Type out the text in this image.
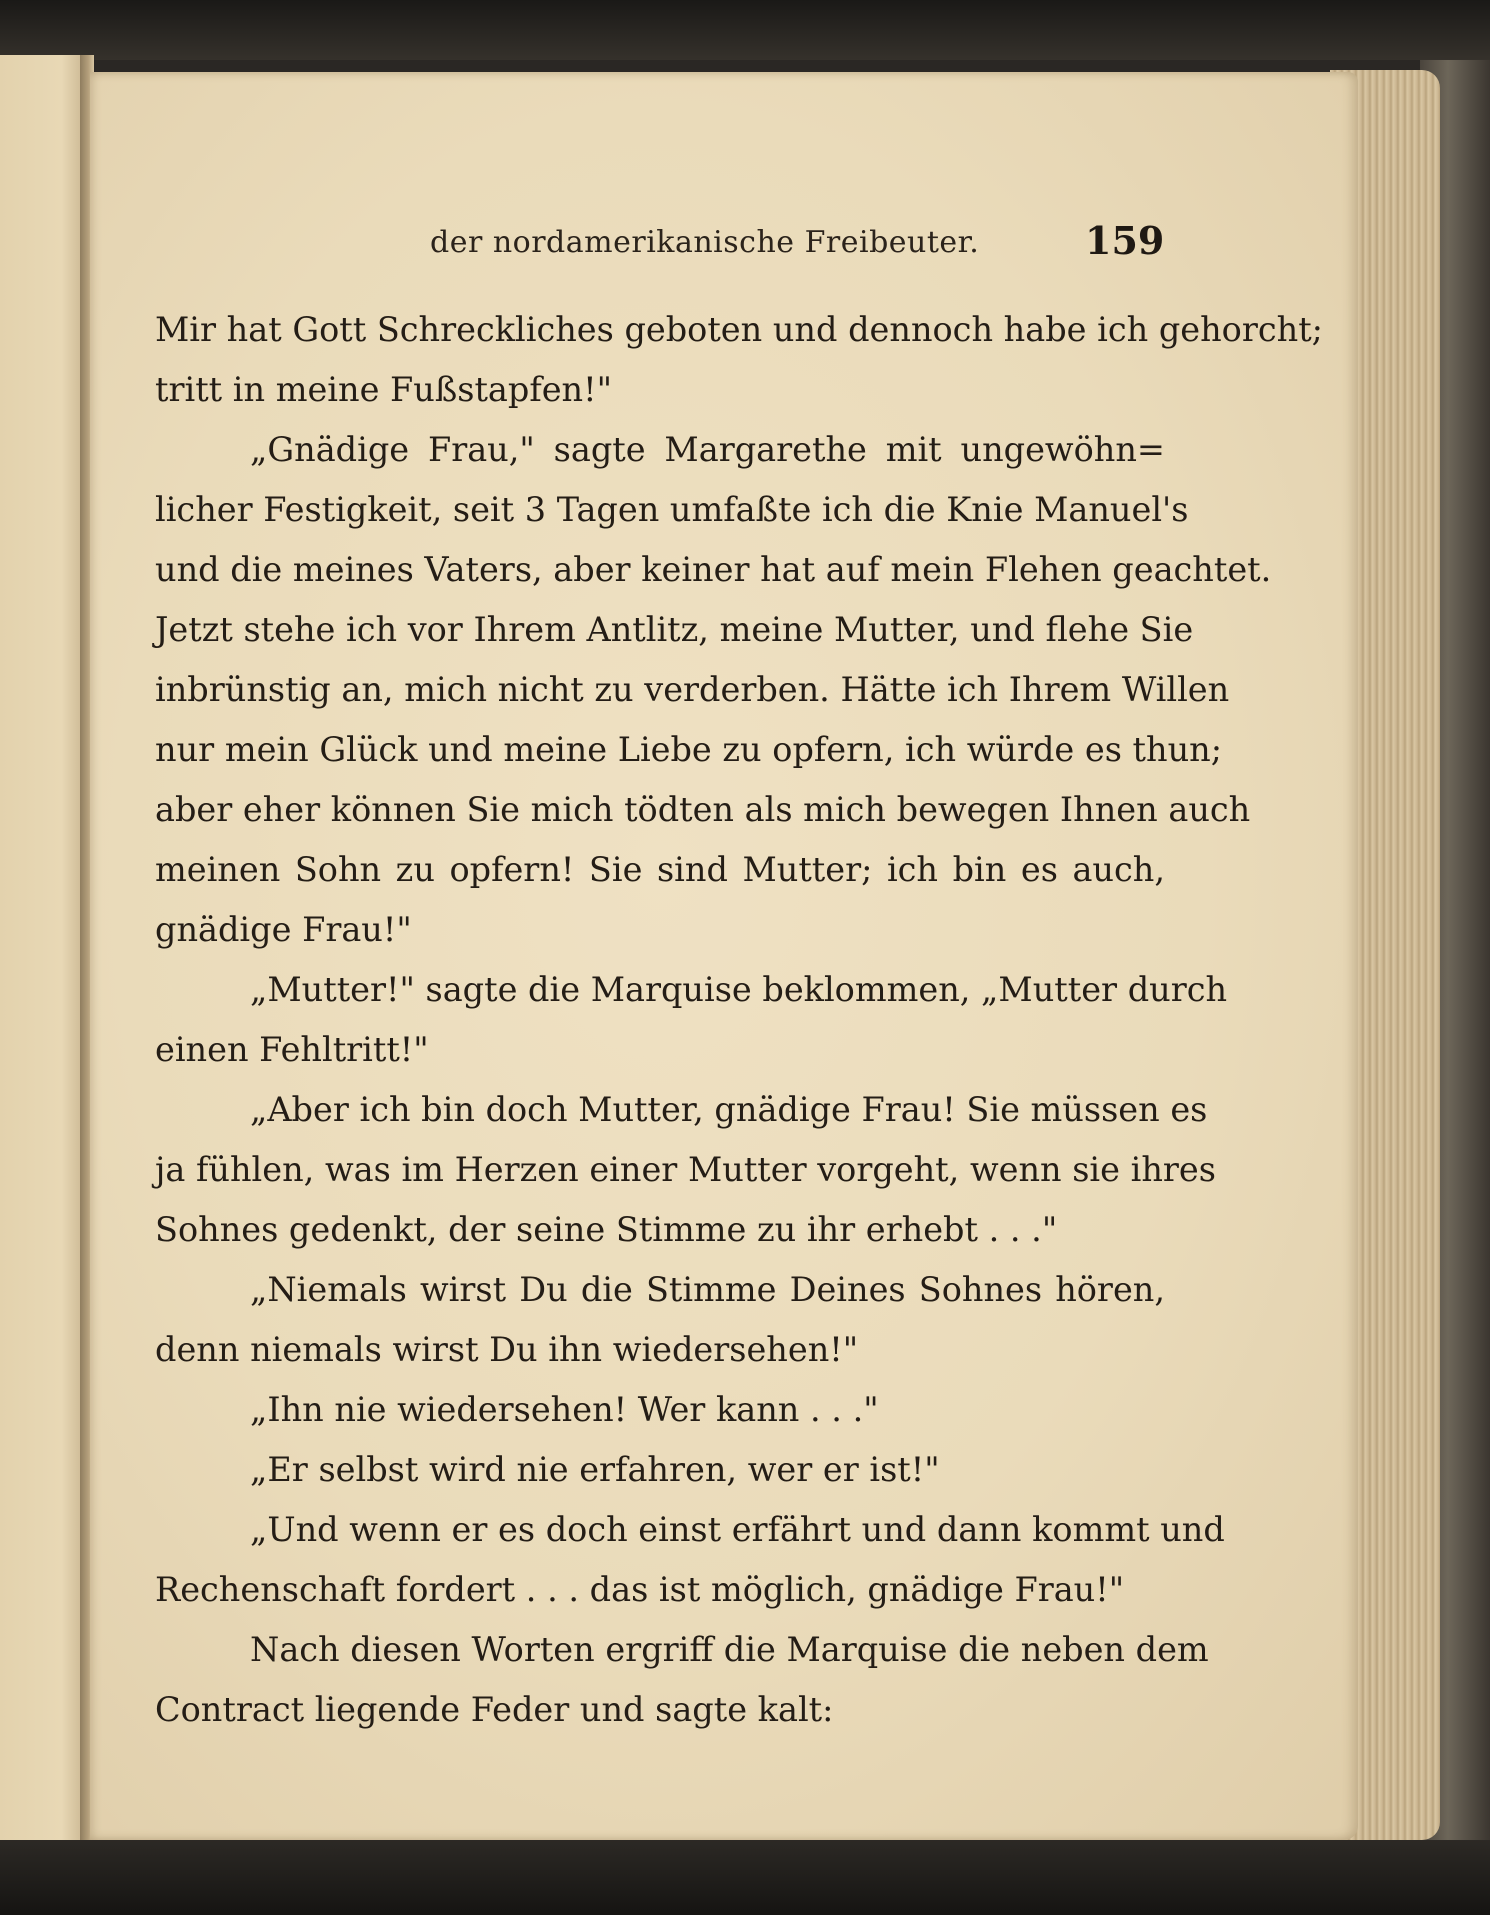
der nordamerikanische Freibeuter.	159
Mir hat Gott Schreckliches geboten und dennoch habe ich gehorcht;
tritt in meine Fußstapfen!"
„Gnädige Frau," sagte Margarethe mit ungewöhn=
licher Festigkeit, seit 3 Tagen umfaßte ich die Knie Manuel's
und die meines Vaters, aber keiner hat auf mein Flehen geachtet.
Jetzt stehe ich vor Ihrem Antlitz, meine Mutter, und flehe Sie
inbrünstig an, mich nicht zu verderben. Hätte ich Ihrem Willen
nur mein Glück und meine Liebe zu opfern, ich würde es thun;
aber eher können Sie mich tödten als mich bewegen Ihnen auch
meinen Sohn zu opfern! Sie sind Mutter; ich bin es auch,
gnädige Frau!"
„Mutter!" sagte die Marquise beklommen, „Mutter durch
einen Fehltritt!"
„Aber ich bin doch Mutter, gnädige Frau! Sie müssen es
ja fühlen, was im Herzen einer Mutter vorgeht, wenn sie ihres
Sohnes gedenkt, der seine Stimme zu ihr erhebt . . ."
„Niemals wirst Du die Stimme Deines Sohnes hören,
denn niemals wirst Du ihn wiedersehen!"
„Ihn nie wiedersehen! Wer kann . . ."
„Er selbst wird nie erfahren, wer er ist!"
„Und wenn er es doch einst erfährt und dann kommt und
Rechenschaft fordert . . . das ist möglich, gnädige Frau!"
Nach diesen Worten ergriff die Marquise die neben dem
Contract liegende Feder und sagte kalt:
